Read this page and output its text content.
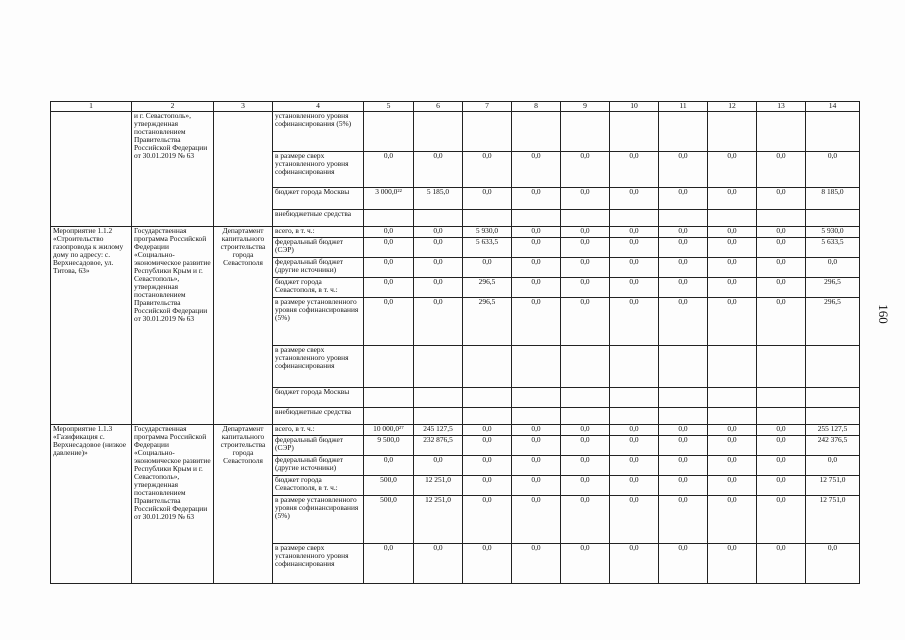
1	2	3	4	5	6	7	8	9	10	11	12	13	14
	и г. Севастополь», утвержденная постановлением Правительства Российской Федерации от 30.01.2019 № 63		установленного уровня софинансирования (5%)										
			в размере сверх установленного уровня софинансирования	0,0	0,0	0,0	0,0	0,0	0,0	0,0	0,0	0,0	0,0
			бюджет города Москвы	3 000,0²²	5 185,0	0,0	0,0	0,0	0,0	0,0	0,0	0,0	8 185,0
			внебюджетные средства										
Мероприятие 1.1.2 «Строительство газопровода к жилому дому по адресу: с. Верхнесадовое, ул. Титова, 63»	Государственная программа Российской Федерации «Социально-экономическое развитие Республики Крым и г. Севастополь», утвержденная постановлением Правительства Российской Федерации от 30.01.2019 № 63	Департамент капитального строительства города Севастополя	всего, в т. ч.:	0,0	0,0	5 930,0	0,0	0,0	0,0	0,0	0,0	0,0	5 930,0
			федеральный бюджет (СЭР)	0,0	0,0	5 633,5	0,0	0,0	0,0	0,0	0,0	0,0	5 633,5
			федеральный бюджет (другие источники)	0,0	0,0	0,0	0,0	0,0	0,0	0,0	0,0	0,0	0,0
			бюджет города Севастополя, в т. ч.:	0,0	0,0	296,5	0,0	0,0	0,0	0,0	0,0	0,0	296,5
			в размере установленного уровня софинансирования (5%)	0,0	0,0	296,5	0,0	0,0	0,0	0,0	0,0	0,0	296,5
			в размере сверх установленного уровня софинансирования										
			бюджет города Москвы										
			внебюджетные средства										
Мероприятие 1.1.3 «Газификация с. Верхнесадовое (низкое давление)»	Государственная программа Российской Федерации «Социально-экономическое развитие Республики Крым и г. Севастополь», утвержденная постановлением Правительства Российской Федерации от 30.01.2019 № 63	Департамент капитального строительства города Севастополя	всего, в т. ч.:	10 000,0²⁷	245 127,5	0,0	0,0	0,0	0,0	0,0	0,0	0,0	255 127,5
			федеральный бюджет (СЭР)	9 500,0	232 876,5	0,0	0,0	0,0	0,0	0,0	0,0	0,0	242 376,5
			федеральный бюджет (другие источники)	0,0	0,0	0,0	0,0	0,0	0,0	0,0	0,0	0,0	0,0
			бюджет города Севастополя, в т. ч.:	500,0	12 251,0	0,0	0,0	0,0	0,0	0,0	0,0	0,0	12 751,0
			в размере установленного уровня софинансирования (5%)	500,0	12 251,0	0,0	0,0	0,0	0,0	0,0	0,0	0,0	12 751,0
			в размере сверх установленного уровня софинансирования	0,0	0,0	0,0	0,0	0,0	0,0	0,0	0,0	0,0	0,0
160
